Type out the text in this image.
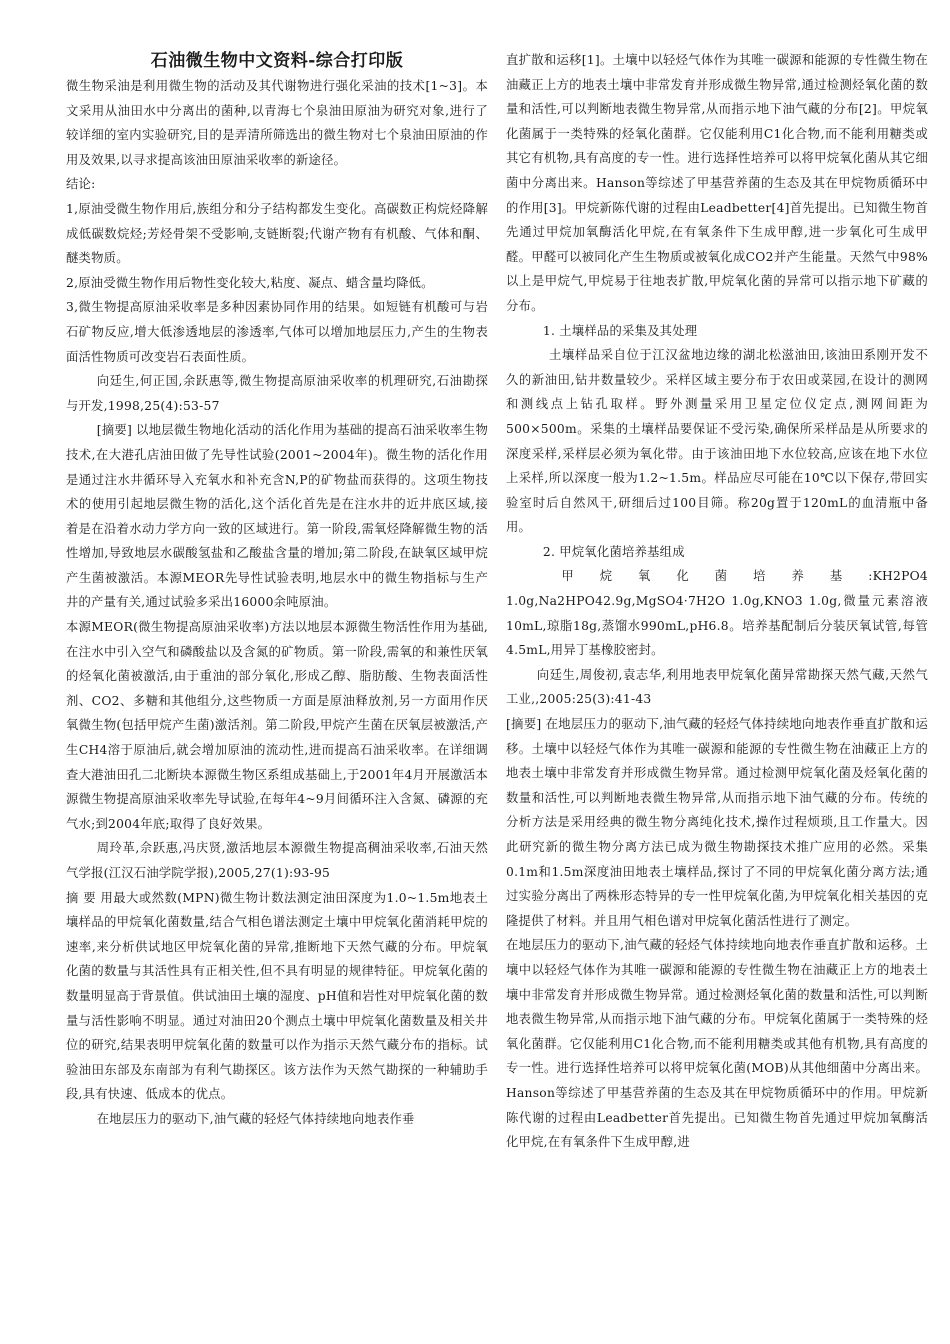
石油微生物中文资料-综合打印版

微生物采油是利用微生物的活动及其代谢物进行强化采油的技术[1~3]。本文采用从油田水中分离出的菌种,以青海七个泉油田原油为研究对象,进行了较详细的室内实验研究,目的是弄清所筛选出的微生物对七个泉油田原油的作用及效果,以寻求提高该油田原油采收率的新途径。

结论:

1,原油受微生物作用后,族组分和分子结构都发生变化。高碳数正构烷烃降解成低碳数烷烃;芳烃骨架不受影响,支链断裂;代谢产物有有机酸、气体和酮、醚类物质。

2,原油受微生物作用后物性变化较大,粘度、凝点、蜡含量均降低。

3,微生物提高原油采收率是多种因素协同作用的结果。如短链有机酸可与岩石矿物反应,增大低渗透地层的渗透率,气体可以增加地层压力,产生的生物表面活性物质可改变岩石表面性质。

向廷生,何正国,余跃惠等,微生物提高原油采收率的机理研究,石油勘探与开发,1998,25(4):53-57

[摘要] 以地层微生物地化活动的活化作用为基础的提高石油采收率生物技术,在大港孔店油田做了先导性试验(2001~2004年)。微生物的活化作用是通过注水井循环导入充氧水和补充含N,P的矿物盐而获得的。这项生物技术的使用引起地层微生物的活化,这个活化首先是在注水井的近井底区域,接着是在沿着水动力学方向一致的区域进行。第一阶段,需氧烃降解微生物的活性增加,导致地层水碳酸氢盐和乙酸盐含量的增加;第二阶段,在缺氧区域甲烷产生菌被激活。本源MEOR先导性试验表明,地层水中的微生物指标与生产井的产量有关,通过试验多采出16000余吨原油。

本源MEOR(微生物提高原油采收率)方法以地层本源微生物活性作用为基础,在注水中引入空气和磷酸盐以及含氮的矿物质。第一阶段,需氧的和兼性厌氧的烃氧化菌被激活,由于重油的部分氧化,形成乙醇、脂肪酸、生物表面活性剂、CO2、多糖和其他组分,这些物质一方面是原油释放剂,另一方面用作厌氧微生物(包括甲烷产生菌)激活剂。第二阶段,甲烷产生菌在厌氧层被激活,产生CH4溶于原油后,就会增加原油的流动性,进而提高石油采收率。在详细调查大港油田孔二北断块本源微生物区系组成基础上,于2001年4月开展激活本源微生物提高原油采收率先导试验,在每年4~9月间循环注入含氮、磷源的充气水;到2004年底;取得了良好效果。

周玲革,佘跃惠,冯庆贤,激活地层本源微生物提高稠油采收率,石油天然气学报(江汉石油学院学报),2005,27(1):93-95

摘 要 用最大或然数(MPN)微生物计数法测定油田深度为1.0~1.5m地表土壤样品的甲烷氧化菌数量,结合气相色谱法测定土壤中甲烷氧化菌消耗甲烷的速率,来分析供试地区甲烷氧化菌的异常,推断地下天然气藏的分布。甲烷氧化菌的数量与其活性具有正相关性,但不具有明显的规律特征。甲烷氧化菌的数量明显高于背景值。供试油田土壤的湿度、pH值和岩性对甲烷氧化菌的数量与活性影响不明显。通过对油田20个测点土壤中甲烷氧化菌数量及相关井位的研究,结果表明甲烷氧化菌的数量可以作为指示天然气藏分布的指标。试验油田东部及东南部为有利气勘探区。该方法作为天然气勘探的一种辅助手段,具有快速、低成本的优点。

在地层压力的驱动下,油气藏的轻烃气体持续地向地表作垂

直扩散和运移[1]。土壤中以轻烃气体作为其唯一碳源和能源的专性微生物在油藏正上方的地表土壤中非常发育并形成微生物异常,通过检测烃氧化菌的数量和活性,可以判断地表微生物异常,从而指示地下油气藏的分布[2]。甲烷氧化菌属于一类特殊的烃氧化菌群。它仅能利用C1化合物,而不能利用糖类或其它有机物,具有高度的专一性。进行选择性培养可以将甲烷氧化菌从其它细菌中分离出来。Hanson等综述了甲基营养菌的生态及其在甲烷物质循环中的作用[3]。甲烷新陈代谢的过程由Leadbetter[4]首先提出。已知微生物首先通过甲烷加氧酶活化甲烷,在有氧条件下生成甲醇,进一步氧化可生成甲醛。甲醛可以被同化产生生物质或被氧化成CO2并产生能量。天然气中98%以上是甲烷气,甲烷易于往地表扩散,甲烷氧化菌的异常可以指示地下矿藏的分布。

1. 土壤样品的采集及其处理

土壤样品采自位于江汉盆地边缘的湖北松滋油田,该油田系刚开发不久的新油田,钻井数量较少。采样区域主要分布于农田或菜园,在设计的测网和测线点上钻孔取样。野外测量采用卫星定位仪定点,测网间距为500×500m。采集的土壤样品要保证不受污染,确保所采样品是从所要求的深度采样,采样层必须为氧化带。由于该油田地下水位较高,应该在地下水位上采样,所以深度一般为1.2~1.5m。样品应尽可能在10℃以下保存,带回实验室时后自然风干,研细后过100目筛。称20g置于120mL的血清瓶中备用。

2. 甲烷氧化菌培养基组成

甲烷氧化菌培养基:KH2PO4 1.0g,Na2HPO42.9g,MgSO4·7H2O 1.0g,KNO3 1.0g,微量元素溶液10mL,琼脂18g,蒸馏水990mL,pH6.8。培养基配制后分装厌氧试管,每管4.5mL,用异丁基橡胶密封。

向廷生,周俊初,袁志华,利用地表甲烷氧化菌异常勘探天然气藏,天然气工业,,2005:25(3):41-43

[摘要] 在地层压力的驱动下,油气藏的轻烃气体持续地向地表作垂直扩散和运移。土壤中以轻烃气体作为其唯一碳源和能源的专性微生物在油藏正上方的地表土壤中非常发育并形成微生物异常。通过检测甲烷氧化菌及烃氧化菌的数量和活性,可以判断地表微生物异常,从而指示地下油气藏的分布。传统的分析方法是采用经典的微生物分离纯化技术,操作过程烦琐,且工作量大。因此研究新的微生物分离方法已成为微生物勘探技术推广应用的必然。采集0.1m和1.5m深度油田地表土壤样品,探讨了不同的甲烷氧化菌分离方法;通过实验分离出了两株形态特异的专一性甲烷氧化菌,为甲烷氧化相关基因的克隆提供了材料。并且用气相色谱对甲烷氧化菌活性进行了测定。

在地层压力的驱动下,油气藏的轻烃气体持续地向地表作垂直扩散和运移。土壤中以轻烃气体作为其唯一碳源和能源的专性微生物在油藏正上方的地表土壤中非常发育并形成微生物异常。通过检测烃氧化菌的数量和活性,可以判断地表微生物异常,从而指示地下油气藏的分布。甲烷氧化菌属于一类特殊的烃氧化菌群。它仅能利用C1化合物,而不能利用糖类或其他有机物,具有高度的专一性。进行选择性培养可以将甲烷氧化菌(MOB)从其他细菌中分离出来。Hanson等综述了甲基营养菌的生态及其在甲烷物质循环中的作用。甲烷新陈代谢的过程由Leadbetter首先提出。已知微生物首先通过甲烷加氧酶活化甲烷,在有氧条件下生成甲醇,进
